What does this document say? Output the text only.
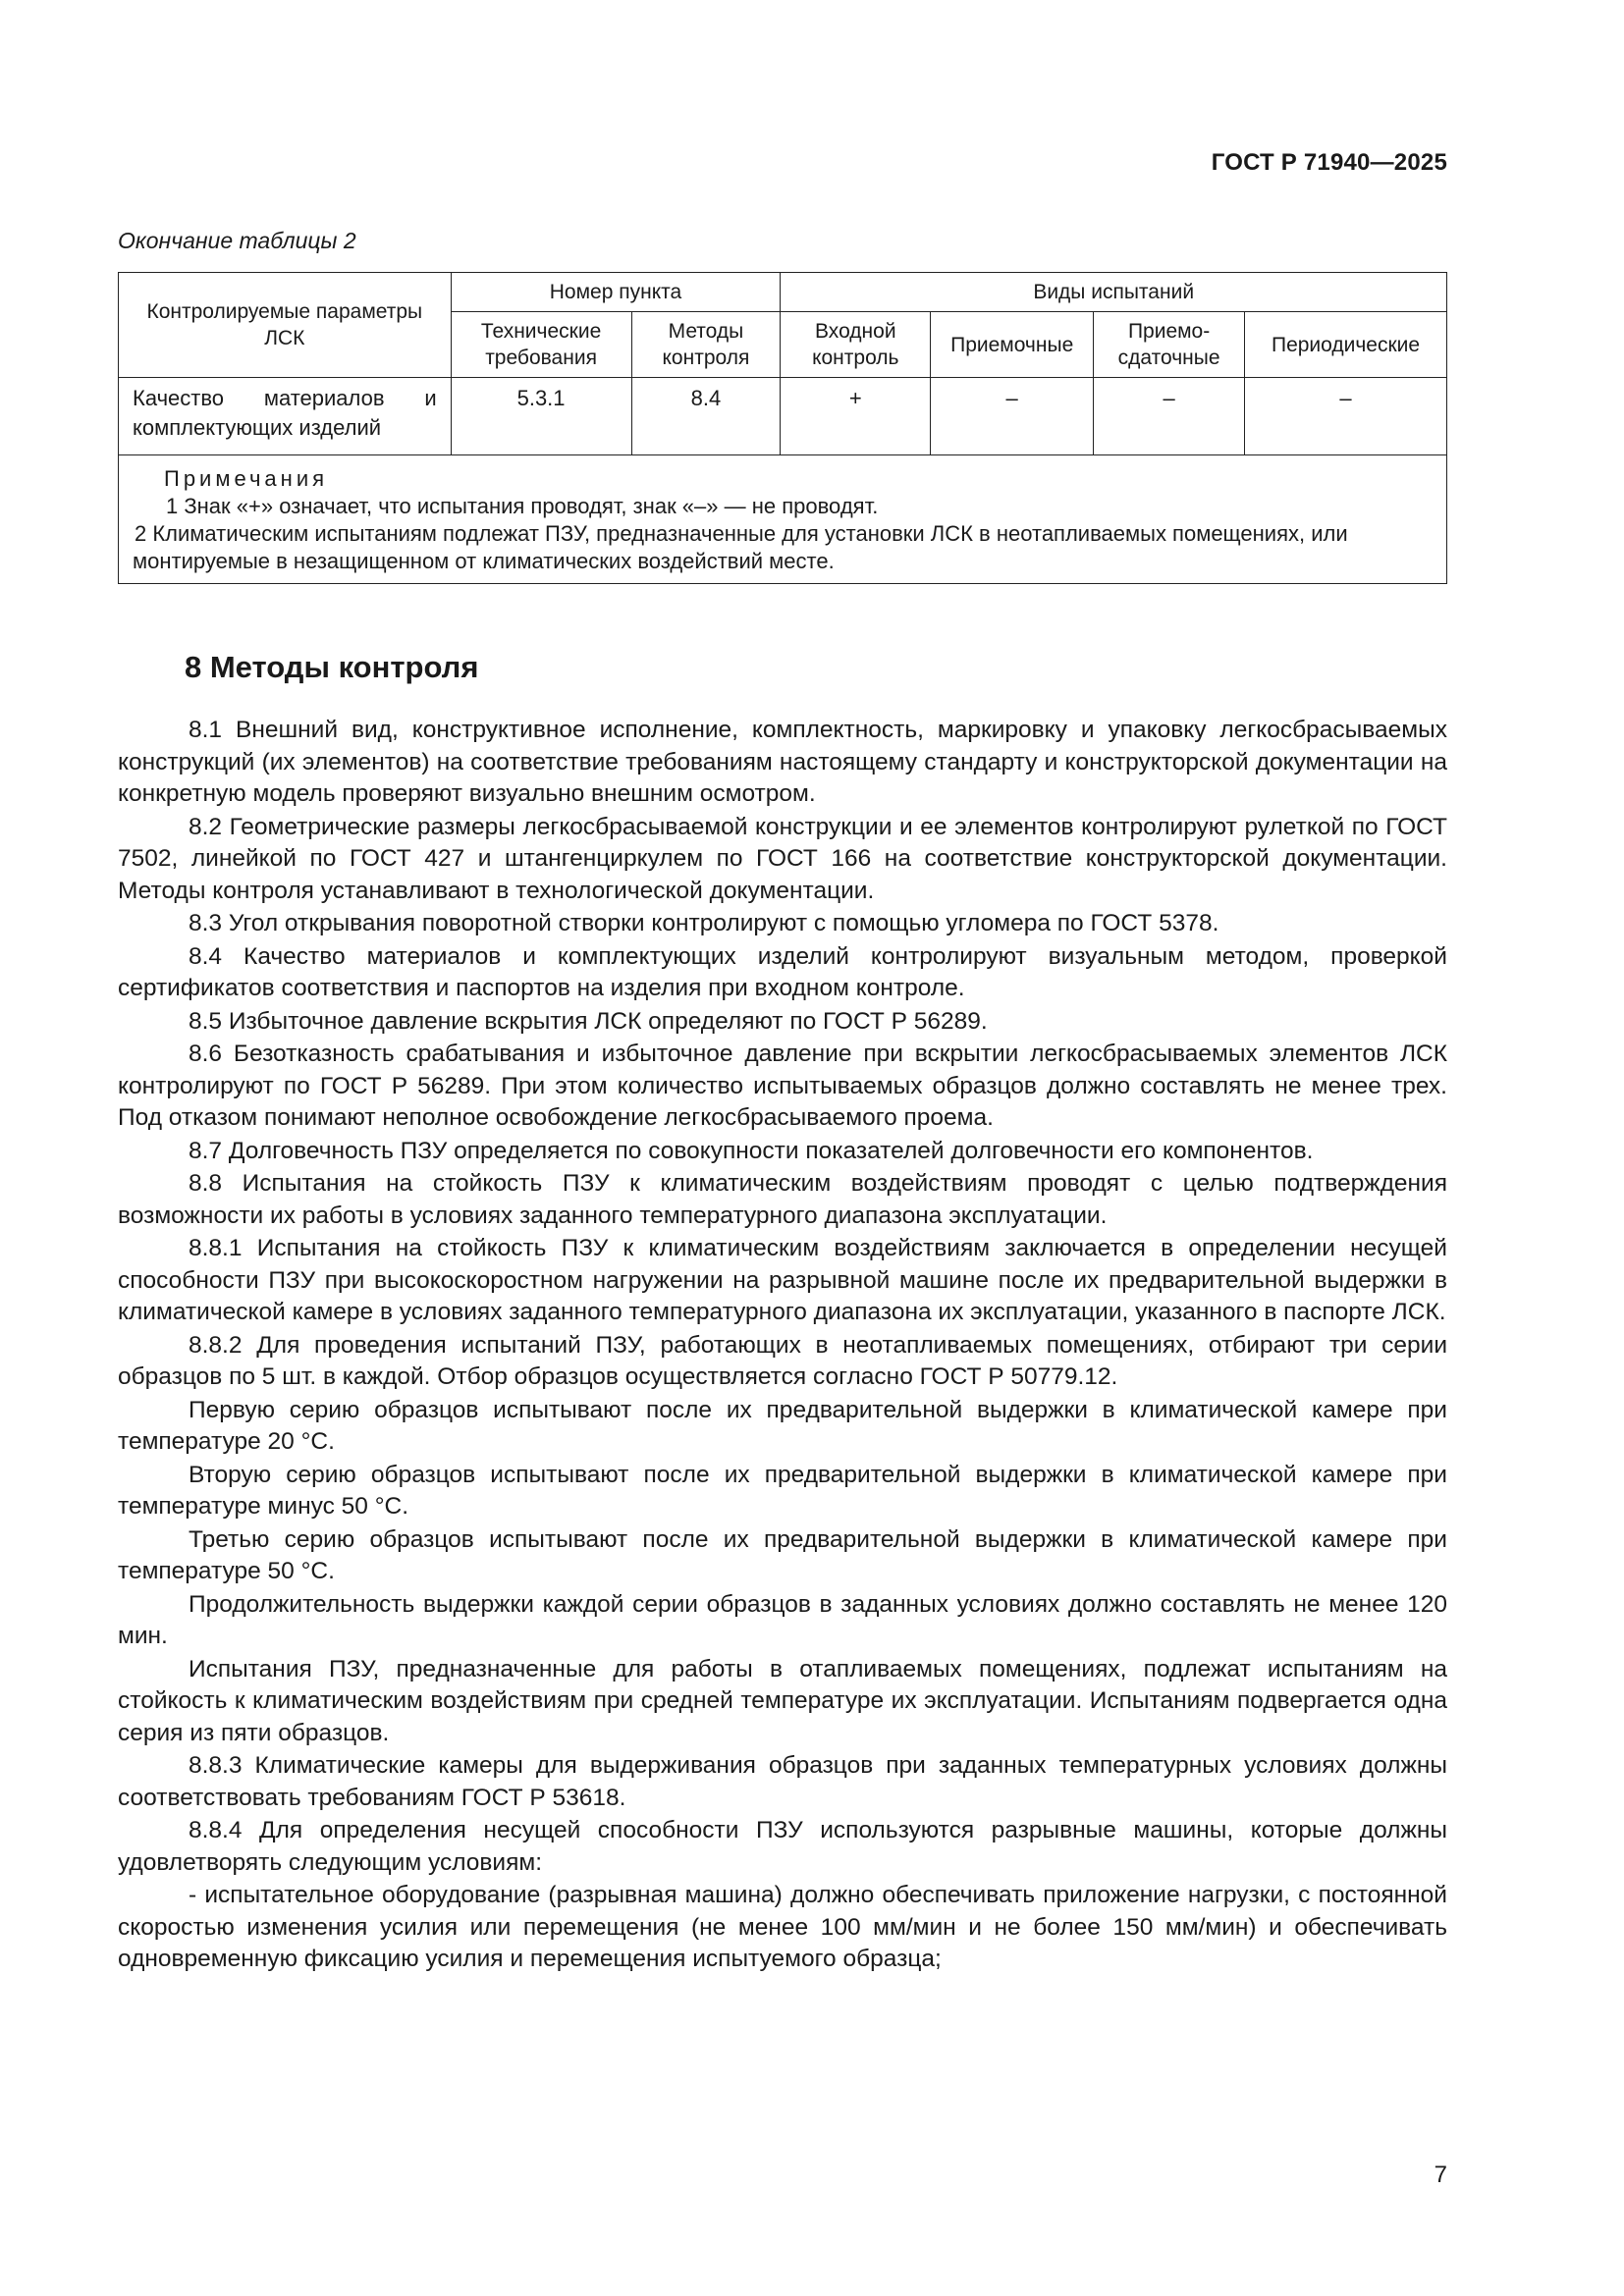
ГОСТ Р 71940—2025
Окончание таблицы 2
Контролируемые параметры ЛСК	Номер пункта		Виды испытаний			
	Технические требования	Методы контроля	Входной контроль	Приемочные	Приемо-сдаточные	Периодические
Качество материалов и комплектующих изделий	5.3.1	8.4	+	–	–	–

Примечания
1 Знак «+» означает, что испытания проводят, знак «–» — не проводят.
2 Климатическим испытаниям подлежат ПЗУ, предназначенные для установки ЛСК в неотапливаемых помещениях, или монтируемые в незащищенном от климатических воздействий месте.						
8 Методы контроля

8.1 Внешний вид, конструктивное исполнение, комплектность, маркировку и упаковку легкосбрасываемых конструкций (их элементов) на соответствие требованиям настоящему стандарту и конструкторской документации на конкретную модель проверяют визуально внешним осмотром.

8.2 Геометрические размеры легкосбрасываемой конструкции и ее элементов контролируют рулеткой по ГОСТ 7502, линейкой по ГОСТ 427 и штангенциркулем по ГОСТ 166 на соответствие конструкторской документации. Методы контроля устанавливают в технологической документации.

8.3 Угол открывания поворотной створки контролируют с помощью угломера по ГОСТ 5378.

8.4 Качество материалов и комплектующих изделий контролируют визуальным методом, проверкой сертификатов соответствия и паспортов на изделия при входном контроле.

8.5 Избыточное давление вскрытия ЛСК определяют по ГОСТ Р 56289.

8.6 Безотказность срабатывания и избыточное давление при вскрытии легкосбрасываемых элементов ЛСК контролируют по ГОСТ Р 56289. При этом количество испытываемых образцов должно составлять не менее трех. Под отказом понимают неполное освобождение легкосбрасываемого проема.

8.7 Долговечность ПЗУ определяется по совокупности показателей долговечности его компонентов.

8.8 Испытания на стойкость ПЗУ к климатическим воздействиям проводят с целью подтверждения возможности их работы в условиях заданного температурного диапазона эксплуатации.

8.8.1 Испытания на стойкость ПЗУ к климатическим воздействиям заключается в определении несущей способности ПЗУ при высокоскоростном нагружении на разрывной машине после их предварительной выдержки в климатической камере в условиях заданного температурного диапазона их эксплуатации, указанного в паспорте ЛСК.

8.8.2 Для проведения испытаний ПЗУ, работающих в неотапливаемых помещениях, отбирают три серии образцов по 5 шт. в каждой. Отбор образцов осуществляется согласно ГОСТ Р 50779.12.

Первую серию образцов испытывают после их предварительной выдержки в климатической камере при температуре 20 °С.

Вторую серию образцов испытывают после их предварительной выдержки в климатической камере при температуре минус 50 °С.

Третью серию образцов испытывают после их предварительной выдержки в климатической камере при температуре 50 °С.

Продолжительность выдержки каждой серии образцов в заданных условиях должно составлять не менее 120 мин.

Испытания ПЗУ, предназначенные для работы в отапливаемых помещениях, подлежат испытаниям на стойкость к климатическим воздействиям при средней температуре их эксплуатации. Испытаниям подвергается одна серия из пяти образцов.

8.8.3 Климатические камеры для выдерживания образцов при заданных температурных условиях должны соответствовать требованиям ГОСТ Р 53618.

8.8.4 Для определения несущей способности ПЗУ используются разрывные машины, которые должны удовлетворять следующим условиям:

- испытательное оборудование (разрывная машина) должно обеспечивать приложение нагрузки, с постоянной скоростью изменения усилия или перемещения (не менее 100 мм/мин и не более 150 мм/мин) и обеспечивать одновременную фиксацию усилия и перемещения испытуемого образца;

7
